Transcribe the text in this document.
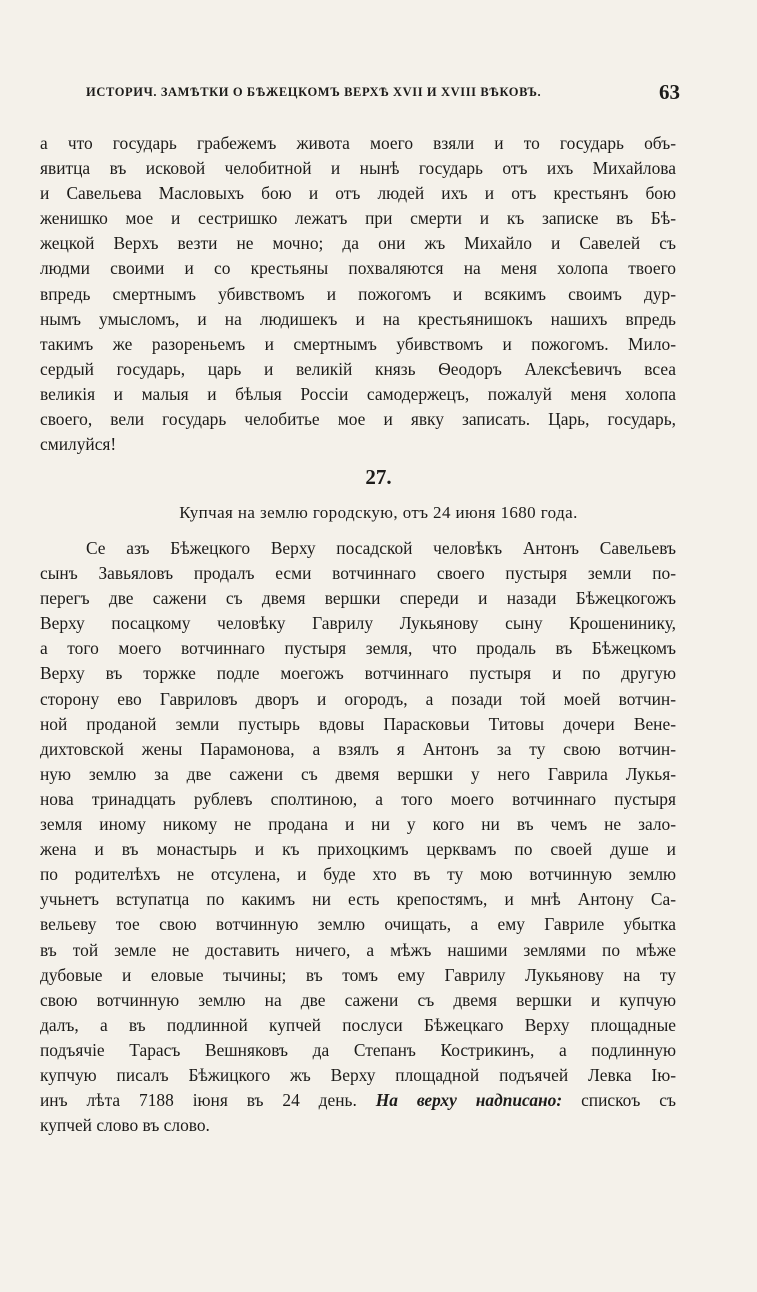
ИСТОРИЧ. ЗАМѢТКИ О БѢЖЕЦКОМЪ ВЕРХѢ XVII И XVIII ВѢКОВЪ.	63
а что государь грабежемъ живота моего взяли и то государь объ-
явитца въ исковой челобитной и нынѣ государь отъ ихъ Михайлова
и Савельева Масловыхъ бою и отъ людей ихъ и отъ крестьянъ бою
женишко мое и сестришко лежатъ при смерти и къ записке въ Бѣ-
жецкой Верхъ везти не мочно; да они жъ Михайло и Савелей съ
людми своими и со крестьяны похваляются на меня холопа твоего
впредь смертнымъ убивствомъ и пожогомъ и всякимъ своимъ дур-
нымъ умысломъ, и на людишекъ и на крестьянишокъ нашихъ впредь
такимъ же разореньемъ и смертнымъ убивствомъ и пожогомъ. Мило-
сердый государь, царь и великій князь Ѳеодоръ Алексѣевичъ всеа
великія и малыя и бѣлыя Россіи самодержецъ, пожалуй меня холопа
своего, вели государь челобитье мое и явку записать. Царь, государь,
смилуйся!
27.
Купчая на землю городскую, отъ 24 июня 1680 года.
Се азъ Бѣжецкого Верху посадской человѣкъ Антонъ Савельевъ
сынъ Завьяловъ продалъ есми вотчиннаго своего пустыря земли по-
перегъ две сажени съ двемя вершки спереди и назади Бѣжецкогожъ
Верху посацкому человѣку Гаврилу Лукьянову сыну Крошенинику,
а того моего вотчиннаго пустыря земля, что продаль въ Бѣжецкомъ
Верху въ торжке подле моегожъ вотчиннаго пустыря и по другую
сторону ево Гавриловъ дворъ и огородъ, а позади той моей вотчин-
ной проданой земли пустырь вдовы Парасковьи Титовы дочери Вене-
дихтовской жены Парамонова, а взялъ я Антонъ за ту свою вотчин-
ную землю за две сажени съ двемя вершки у него Гаврила Лукья-
нова тринадцать рублевъ сполтиною, а того моего вотчиннаго пустыря
земля иному никому не продана и ни у кого ни въ чемъ не зало-
жена и въ монастырь и къ прихоцкимъ церквамъ по своей душе и
по родителѣхъ не отсулена, и буде хто въ ту мою вотчинную землю
учьнетъ вступатца по какимъ ни есть крепостямъ, и мнѣ Антону Са-
вельеву тое свою вотчинную землю очищать, а ему Гавриле убытка
въ той земле не доставить ничего, а мѣжъ нашими землями по мѣже
дубовые и еловые тычины; въ томъ ему Гаврилу Лукьянову на ту
свою вотчинную землю на две сажени съ двемя вершки и купчую
далъ, а въ подлинной купчей послуси Бѣжецкаго Верху площадные
подъячіе Тарасъ Вешняковъ да Степанъ Кострикинъ, а подлинную
купчую писалъ Бѣжицкого жъ Верху площадной подъячей Левка Ію-
инъ лѣта 7188 іюня въ 24 день. На верху надписано: спискоъ съ
купчей слово въ слово.
